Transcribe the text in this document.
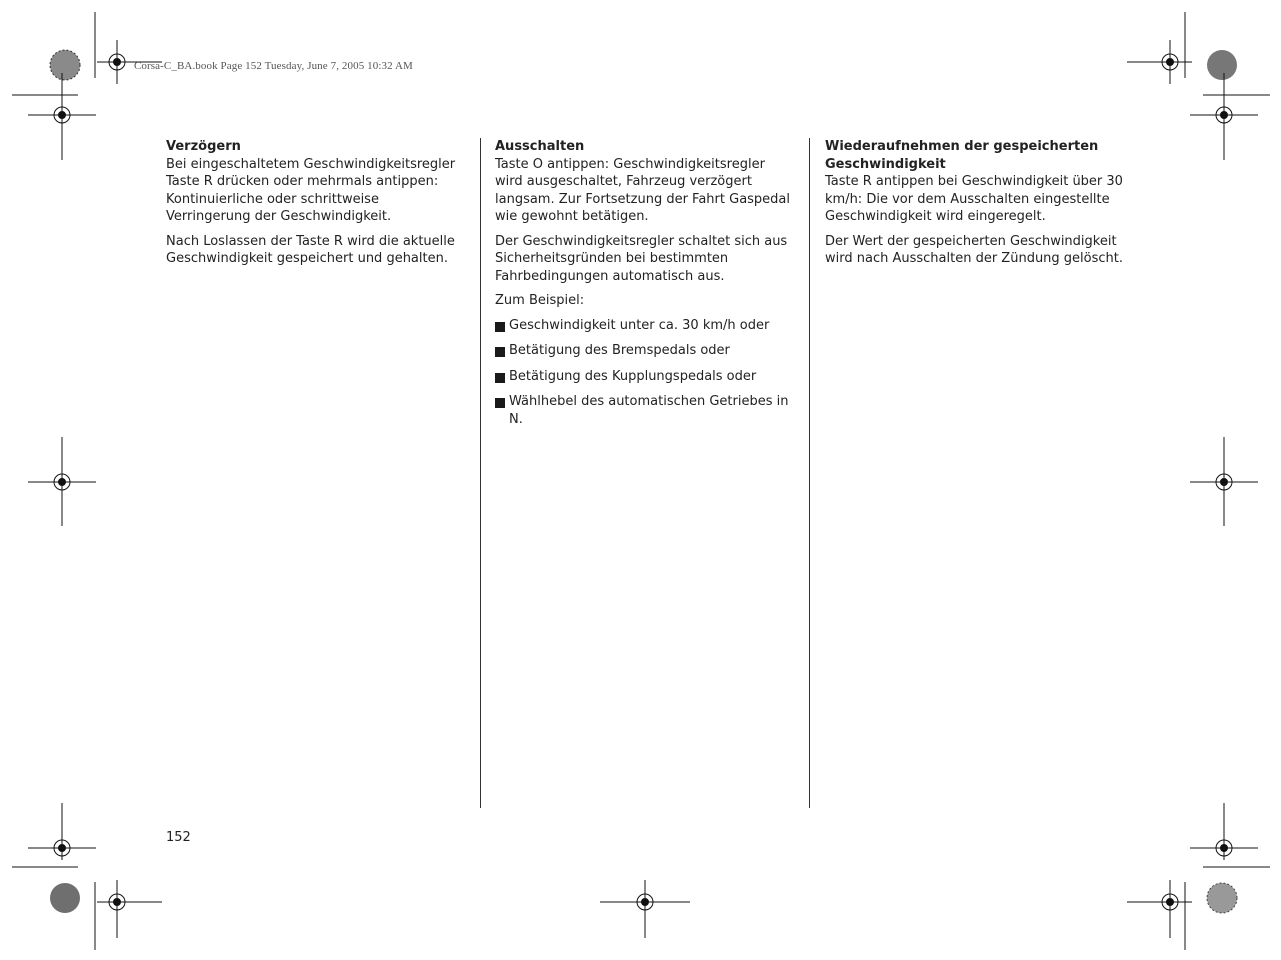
Corsa-C_BA.book Page 152 Tuesday, June 7, 2005 10:32 AM

Verzögern

Bei eingeschaltetem Geschwindigkeitsregler Taste R drücken oder mehrmals antippen: Kontinuierliche oder schrittweise Verringerung der Geschwindigkeit.

Nach Loslassen der Taste R wird die aktuelle Geschwindigkeit gespeichert und gehalten.

Ausschalten

Taste O antippen: Geschwindigkeitsregler wird ausgeschaltet, Fahrzeug verzögert langsam. Zur Fortsetzung der Fahrt Gaspedal wie gewohnt betätigen.

Der Geschwindigkeitsregler schaltet sich aus Sicherheitsgründen bei bestimmten Fahrbedingungen automatisch aus.

Zum Beispiel:

Geschwindigkeit unter ca. 30 km/h oder
Betätigung des Bremspedals oder
Betätigung des Kupplungspedals oder
Wählhebel des automatischen Getriebes in N.

Wiederaufnehmen der gespeicherten Geschwindigkeit

Taste R antippen bei Geschwindigkeit über 30 km/h: Die vor dem Ausschalten eingestellte Geschwindigkeit wird eingeregelt.

Der Wert der gespeicherten Geschwindigkeit wird nach Ausschalten der Zündung gelöscht.

152
